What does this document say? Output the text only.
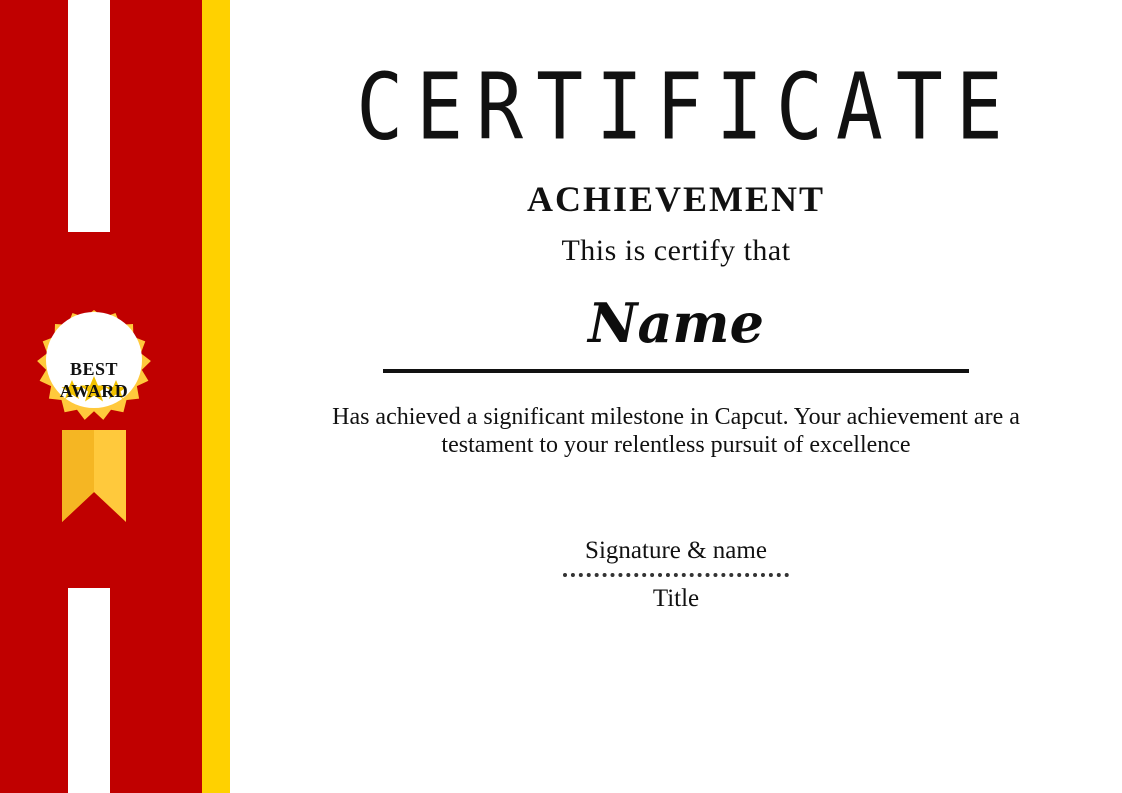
BEST
AWARD
CERTIFICATE
ACHIEVEMENT
This is certify that
Name
Has achieved a significant milestone in Capcut. Your achievement are a testament to your relentless pursuit of excellence
Signature & name
Title
